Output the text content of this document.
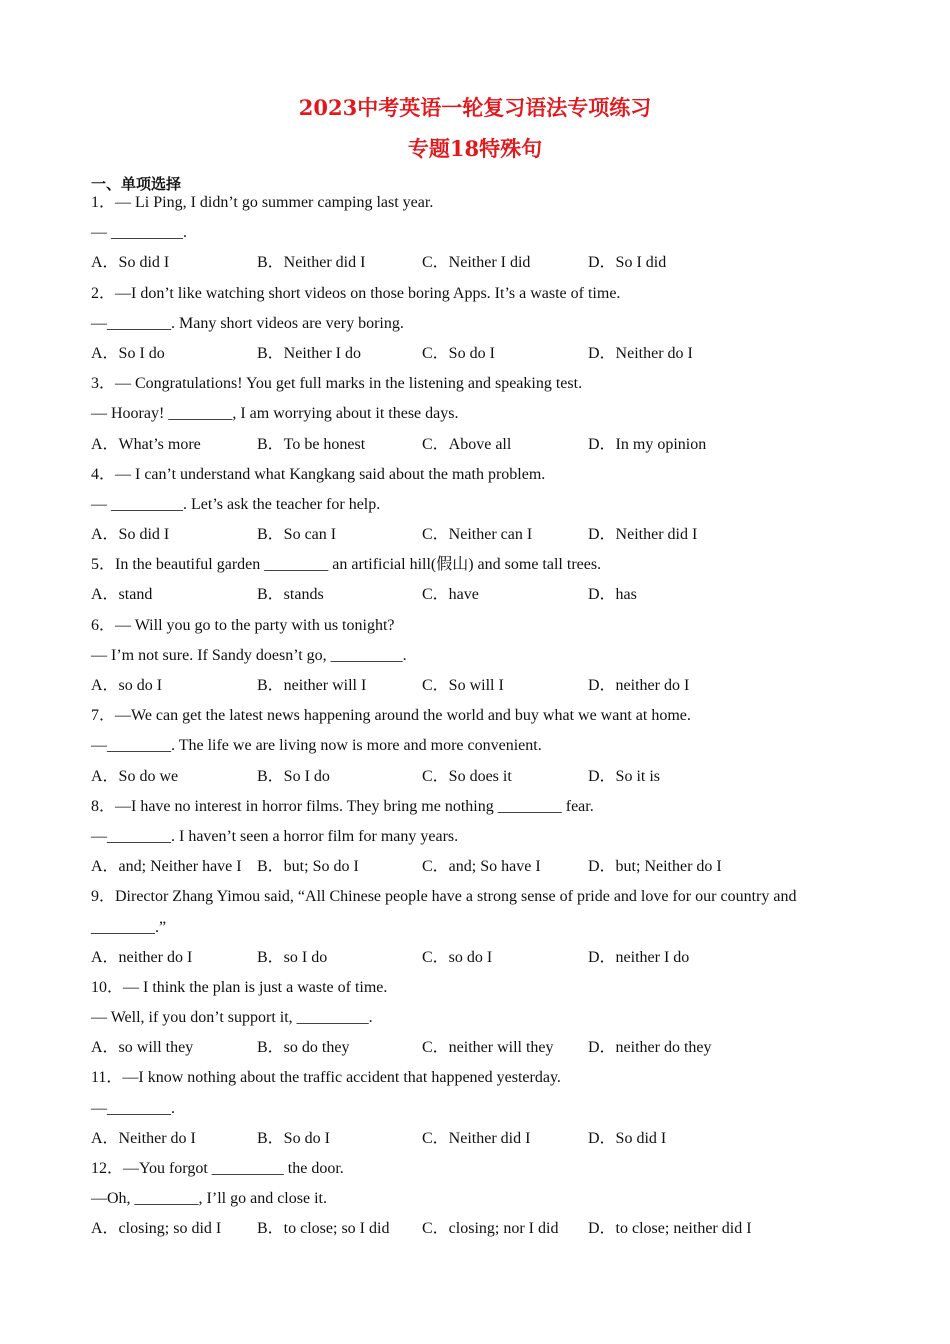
2023中考英语一轮复习语法专项练习
专题18特殊句
一、单项选择
1．— Li Ping, I didn’t go summer camping last year.
— _________.
A．So did I	B．Neither did I	C．Neither I did	D．So I did
2．—I don’t like watching short videos on those boring Apps. It’s a waste of time.
—________. Many short videos are very boring.
A．So I do	B．Neither I do	C．So do I	D．Neither do I
3．— Congratulations! You get full marks in the listening and speaking test.
— Hooray! ________, I am worrying about it these days.
A．What’s more	B．To be honest	C．Above all	D．In my opinion
4．— I can’t understand what Kangkang said about the math problem.
— _________. Let’s ask the teacher for help.
A．So did I	B．So can I	C．Neither can I	D．Neither did I
5．In the beautiful garden ________ an artificial hill(假山) and some tall trees.
A．stand	B．stands	C．have	D．has
6．— Will you go to the party with us tonight?
— I’m not sure. If Sandy doesn’t go, _________.
A．so do I	B．neither will I	C．So will I	D．neither do I
7．—We can get the latest news happening around the world and buy what we want at home.
—________. The life we are living now is more and more convenient.
A．So do we	B．So I do	C．So does it	D．So it is
8．—I have no interest in horror films. They bring me nothing ________ fear.
—________. I haven’t seen a horror film for many years.
A．and; Neither have I B．but; So do I	C．and; So have I	D．but; Neither do I
9．Director Zhang Yimou said, “All Chinese people have a strong sense of pride and love for our country and
________.”
A．neither do I	B．so I do	C．so do I	D．neither I do
10．— I think the plan is just a waste of time.
— Well, if you don’t support it, _________.
A．so will they	B．so do they	C．neither will they D．neither do they
11．—I know nothing about the traffic accident that happened yesterday.
—________.
A．Neither do I	B．So do I	C．Neither did I	D．So did I
12．—You forgot _________ the door.
—Oh, ________, I’ll go and close it.
A．closing; so did I B．to close; so I did C．closing; nor I did D．to close; neither did I
